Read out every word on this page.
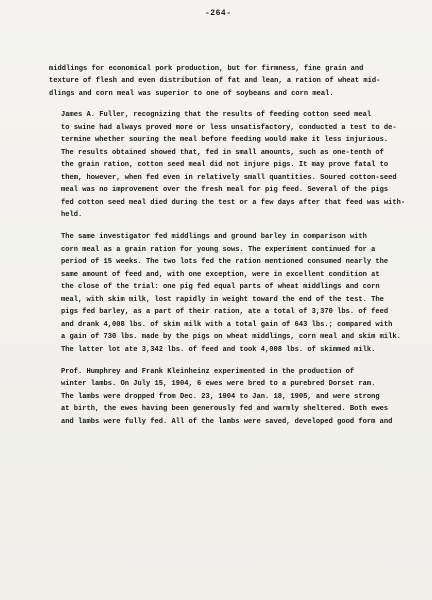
-264-

middlings for economical pork production, but for firmness, fine grain and
texture of flesh and even distribution of fat and lean, a ration of wheat mid-
dlings and corn meal was superior to one of soybeans and corn meal.

James A. Fuller, recognizing that the results of feeding cotton seed meal
to swine had always proved more or less unsatisfactory, conducted a test to de-
termine whether souring the meal before feeding would make it less injurious.
The results obtained showed that, fed in small amounts, such as one-tenth of
the grain ration, cotton seed meal did not injure pigs. It may prove fatal to
them, however, when fed even in relatively small quantities. Soured cotton-seed
meal was no improvement over the fresh meal for pig feed. Several of the pigs
fed cotton seed meal died during the test or a few days after that feed was with-
held.

The same investigator fed middlings and ground barley in comparison with
corn meal as a grain ration for young sows. The experiment continued for a
period of 15 weeks. The two lots fed the ration mentioned consumed nearly the
same amount of feed and, with one exception, were in excellent condition at
the close of the trial: one pig fed equal parts of wheat middlings and corn
meal, with skim milk, lost rapidly in weight toward the end of the test. The
pigs fed barley, as a part of their ration, ate a total of 3,370 lbs. of feed
and drank 4,008 lbs. of skim milk with a total gain of 643 lbs.; compared with
a gain of 730 lbs. made by the pigs on wheat middlings, corn meal and skim milk.
The latter lot ate 3,342 lbs. of feed and took 4,008 lbs. of skimmed milk.

Prof. Humphrey and Frank Kleinheinz experimented in the production of
winter lambs. On July 15, 1904, 6 ewes were bred to a purebred Dorset ram.
The lambs were dropped from Dec. 23, 1904 to Jan. 18, 1905, and were strong
at birth, the ewes having been generously fed and warmly sheltered. Both ewes
and lambs were fully fed. All of the lambs were saved, developed good form and
